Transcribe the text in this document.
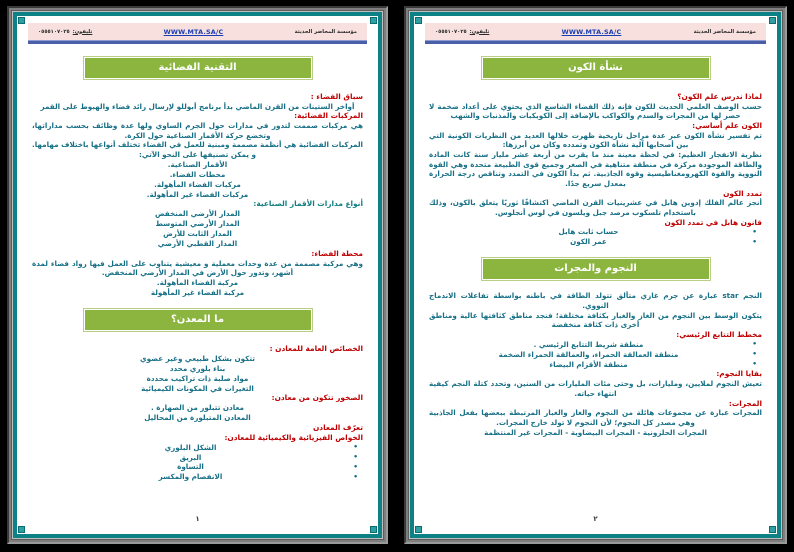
مؤسسة المحاضر الحديثة
WWW.MTA.SA/C
تليفون:
٠٥٥٥١٠٧٠٢٥
نشأة الكون

لماذا ندرس علم الكون؟

حسب الوصف العلمي الحديث للكون فإنه ذلك الفضاء الشاسع الذي يحتوي على أعداد ضخمة لا حصر لها من المجرات والسدم والكواكب بالإضافة إلى الكويكبات والمذنبات والشهب

الكون علم أساسي:

تم تفسير نشأة الكون عبر عدة مراحل تاريخية ظهرت خلالها العديد من النظريات الكونية التي بين أصحابها آلية نشأة الكون وتمدده وكان من أبرزها:

نظرية الانفجار العظيم: في لحظة معينة منذ ما يقرب من أربعة عشر مليار سنة كانت المادة والطاقة الموجودة مركزة في منطقة متناهية في الصغر وجميع قوى الطبيعة متحدة وهي القوة النووية والقوة الكهرومغناطيسية وقوة الجاذبية. ثم بدأ الكون في التمدد وتناقص درجة الحرارة بمعدل سريع جدًا.

تمدد الكون

أنجز عالم الفلك إدوين هابل في عشرينيات القرن الماضي اكتشافًا ثوريًا يتعلق بالكون، وذلك باستخدام تلسكوب مرصد جبل ويلسون في لوس أنجلوس.

قانون هابل في تمدد الكون

حساب ثابت هابل •
عمر الكون •
النجوم والمجرات

النجم star عبارة عن جرم غازي متألق تتولد الطاقة في باطنه بواسطة تفاعلات الاندماج النووي.

يتكون الوسط بين النجوم من الغاز والغبار بكثافة مختلفة؛ فنجد مناطق كثافتها عالية ومناطق أخرى ذات كثافة منخفضة

مخطط التتابع الرئيسي:

منطقة شريط التتابع الرئيسي . •
منطقة العمالقة الحمراء، والعمالقة الحمراء الضخمة •
منطقة الأقزام البيضاء •

بقايا النجوم:

تعيش النجوم لملايين، ومليارات، بل وحتى مئات المليارات من السنين، وتحدد كتلة النجم كيفية انتهاء حياته.

المجرات:

المجرات عبارة عن مجموعات هائلة من النجوم والغاز والغبار المرتبطة ببعضها بفعل الجاذبية وهي مصدر كل النجوم؛ لأن النجوم لا تولد خارج المجرات.

المجرات الحلزونية - المجرات البيضاوية - المجرات غير المنتظمة

٢
مؤسسة المحاضر الحديثة
WWW.MTA.SA/C
تليفون:
٠٥٥٥١٠٧٠٢٥
التقنية الفضائية

سباق الفضاء :

أواخر الستينات من القرن الماضي بدأ برنامج أبوللو لإرسال رائد فضاء والهبوط على القمر

المركبات الفضائية:

هي مركبات صممت لتدور في مدارات حول الجرم الساوي ولها عدة وظائف بحسب مداراتها، وتخضع حركة الأقمار الصناعية حول الكرة.

المركبات الفضائية هي أنظمة مصممة ومبنية للعمل في الفضاء تختلف أنواعها باختلاف مهامها. و يمكن تصنيفها على النحو الآتي:

الأقمار الصناعية.
محطات الفضاء.
مركبات الفضاء المأهولة.
مركبات الفضاء غير المأهولة.

أنواع مدارات الأقمار الصناعية:

المدار الأرضي المنخفض
المدار الأرضي المتوسط
المدار الثابت للأرض
المدار القطبي الأرضي

محطة الفضاء:

وهي مركبة مصممة من عدة وحدات معملية و معيشية يتناوب على العمل فيها رواد فضاء لمدة أشهر، وتدور حول الأرض في المدار الأرضي المنخفض.

مركبة الفضاء المأهولة.
مركبة الفضاء غير المأهولة
ما المعدن؟

الخصائص العامة للمعادن :

تتكون بشكل طبيعي وغير عضوي
بناء بلوري محدد
مواد صلبة ذات تراكيب محددة
التغيرات في المكونات الكيميائية

الصخور تتكون من معادن:

معادن تتبلور من الصهارة .
المعادن المتبلورة من المحاليل

تعرّف المعادن

الخواص الفيزيائية والكيميائية للمعادن:

الشكل البلوري •
البريق •
التساوة •
الانفصام والمكسر •
١
